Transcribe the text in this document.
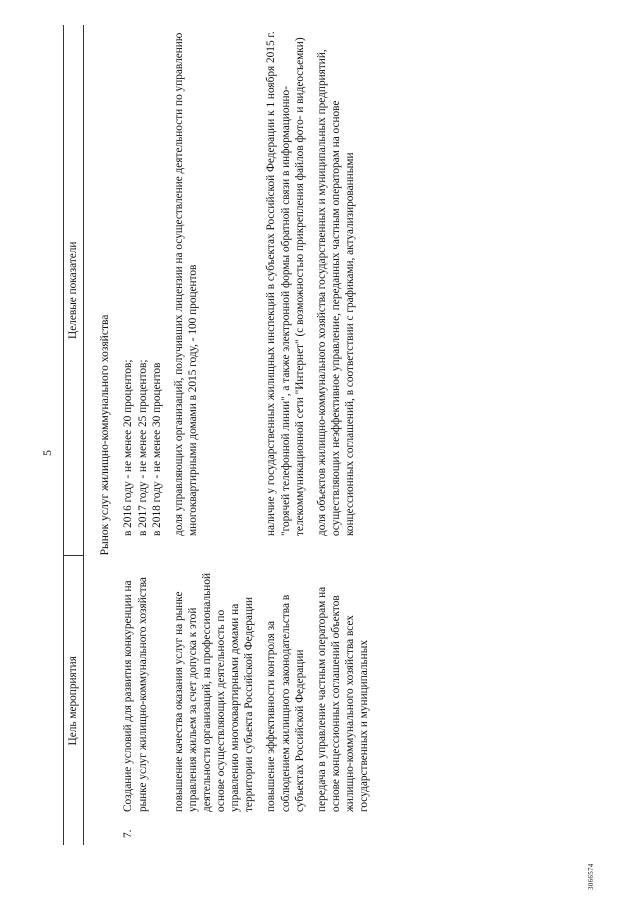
5
Цель мероприятия		Целевые показатели
Рынок услуг жилищно-коммунального хозяйства		
7.	Создание условий для развития конкуренции на рынке услуг жилищно-коммунального хозяйства	в 2016 году - не менее 20 процентов; в 2017 году - не менее 25 процентов; в 2018 году - не менее 30 процентов

	повышение качества оказания услуг на рынке управления жильем за счет допуска к этой деятельности организаций, на профессиональной основе осуществляющих деятельность по управлению многоквартирными домами на территории субъекта Российской Федерации	доля управляющих организаций, получивших лицензии на осуществление деятельности по управлению многоквартирными домами в 2015 году, - 100 процентов
	повышение эффективности контроля за соблюдением жилищного законодательства в субъектах Российской Федерации	наличие у государственных жилищных инспекций в субъектах Российской Федерации к 1 ноября 2015 г. "горячей телефонной линии", а также электронной формы обратной связи в информационно-телекоммуникационной сети "Интернет" (с возможностью прикрепления файлов фото- и видеосъемки)
	передача в управление частным операторам на основе концессионных соглашений объектов жилищно-коммунального хозяйства всех государственных и муниципальных	доля объектов жилищно-коммунального хозяйства государственных и муниципальных предприятий, осуществляющих неэффективное управление, переданных частным операторам на основе концессионных соглашений, в соответствии с графиками, актуализированными
3066574
